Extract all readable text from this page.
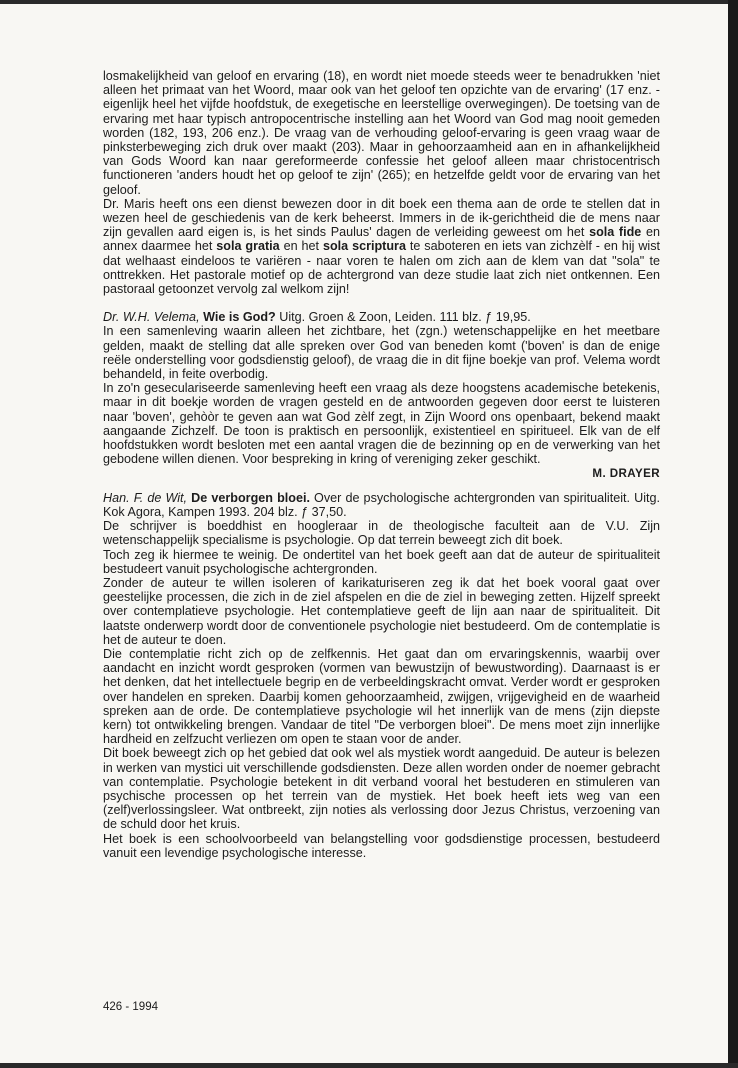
losmakelijkheid van geloof en ervaring (18), en wordt niet moede steeds weer te benadrukken 'niet alleen het primaat van het Woord, maar ook van het geloof ten opzichte van de ervaring' (17 enz. - eigenlijk heel het vijfde hoofdstuk, de exegetische en leerstellige overwegingen). De toetsing van de ervaring met haar typisch antropocentrische instelling aan het Woord van God mag nooit gemeden worden (182, 193, 206 enz.). De vraag van de verhouding geloof-ervaring is geen vraag waar de pinksterbeweging zich druk over maakt (203). Maar in gehoorzaamheid aan en in afhankelijkheid van Gods Woord kan naar gereformeerde confessie het geloof alleen maar christocentrisch functioneren 'anders houdt het op geloof te zijn' (265); en hetzelfde geldt voor de ervaring van het geloof.

Dr. Maris heeft ons een dienst bewezen door in dit boek een thema aan de orde te stellen dat in wezen heel de geschiedenis van de kerk beheerst. Immers in de ik-gerichtheid die de mens naar zijn gevallen aard eigen is, is het sinds Paulus' dagen de verleiding geweest om het sola fide en annex daarmee het sola gratia en het sola scriptura te saboteren en iets van zichzèlf - en hij wist dat welhaast eindeloos te variëren - naar voren te halen om zich aan de klem van dat "sola" te onttrekken. Het pastorale motief op de achtergrond van deze studie laat zich niet ontkennen. Een pastoraal getoonzet vervolg zal welkom zijn!

Dr. W.H. Velema, Wie is God? Uitg. Groen & Zoon, Leiden. 111 blz. ƒ 19,95.

In een samenleving waarin alleen het zichtbare, het (zgn.) wetenschappelijke en het meetbare gelden, maakt de stelling dat alle spreken over God van beneden komt ('boven' is dan de enige reële onderstelling voor godsdienstig geloof), de vraag die in dit fijne boekje van prof. Velema wordt behandeld, in feite overbodig.

In zo'n geseculariseerde samenleving heeft een vraag als deze hoogstens academische betekenis, maar in dit boekje worden de vragen gesteld en de antwoorden gegeven door eerst te luisteren naar 'boven', gehòòr te geven aan wat God zèlf zegt, in Zijn Woord ons openbaart, bekend maakt aangaande Zichzelf. De toon is praktisch en persoonlijk, existentieel en spiritueel. Elk van de elf hoofdstukken wordt besloten met een aantal vragen die de bezinning op en de verwerking van het gebodene willen dienen. Voor bespreking in kring of vereniging zeker geschikt.

M. DRAYER

Han. F. de Wit, De verborgen bloei. Over de psychologische achtergronden van spiritualiteit. Uitg. Kok Agora, Kampen 1993. 204 blz. ƒ 37,50.

De schrijver is boeddhist en hoogleraar in de theologische faculteit aan de V.U. Zijn wetenschappelijk specialisme is psychologie. Op dat terrein beweegt zich dit boek.

Toch zeg ik hiermee te weinig. De ondertitel van het boek geeft aan dat de auteur de spiritualiteit bestudeert vanuit psychologische achtergronden.

Zonder de auteur te willen isoleren of karikaturiseren zeg ik dat het boek vooral gaat over geestelijke processen, die zich in de ziel afspelen en die de ziel in beweging zetten. Hijzelf spreekt over contemplatieve psychologie. Het contemplatieve geeft de lijn aan naar de spiritualiteit. Dit laatste onderwerp wordt door de conventionele psychologie niet bestudeerd. Om de contemplatie is het de auteur te doen.

Die contemplatie richt zich op de zelfkennis. Het gaat dan om ervaringskennis, waarbij over aandacht en inzicht wordt gesproken (vormen van bewustzijn of bewustwording). Daarnaast is er het denken, dat het intellectuele begrip en de verbeeldingskracht omvat. Verder wordt er gesproken over handelen en spreken. Daarbij komen gehoorzaamheid, zwijgen, vrijgevigheid en de waarheid spreken aan de orde. De contemplatieve psychologie wil het innerlijk van de mens (zijn diepste kern) tot ontwikkeling brengen. Vandaar de titel "De verborgen bloei". De mens moet zijn innerlijke hardheid en zelfzucht verliezen om open te staan voor de ander.

Dit boek beweegt zich op het gebied dat ook wel als mystiek wordt aangeduid. De auteur is belezen in werken van mystici uit verschillende godsdiensten. Deze allen worden onder de noemer gebracht van contemplatie. Psychologie betekent in dit verband vooral het bestuderen en stimuleren van psychische processen op het terrein van de mystiek. Het boek heeft iets weg van een (zelf)verlossingsleer. Wat ontbreekt, zijn noties als verlossing door Jezus Christus, verzoening van de schuld door het kruis.

Het boek is een schoolvoorbeeld van belangstelling voor godsdienstige processen, bestudeerd vanuit een levendige psychologische interesse.

426 - 1994
